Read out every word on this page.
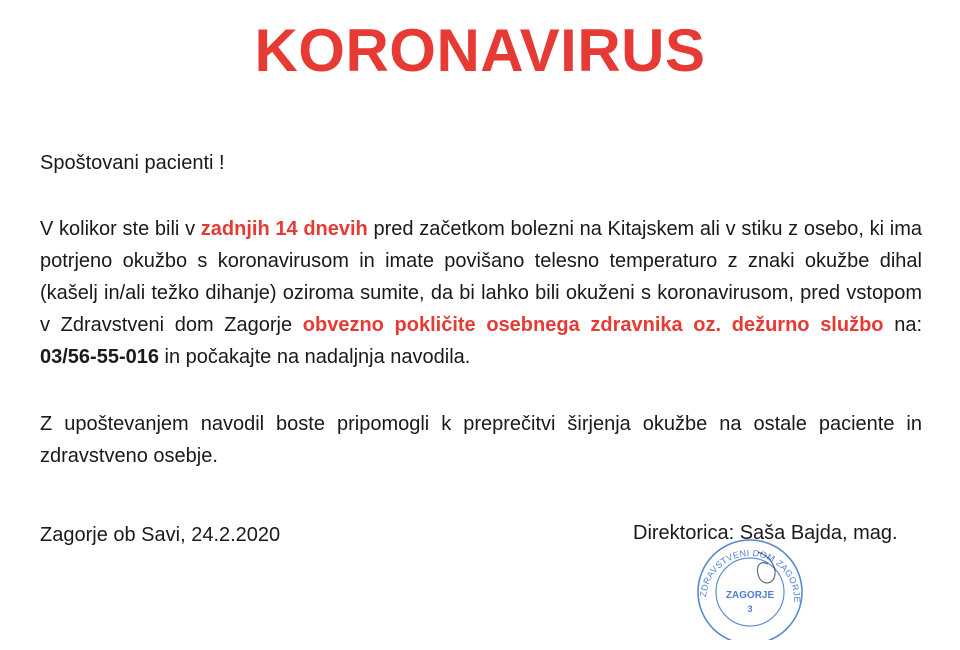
KORONAVIRUS
Spoštovani pacienti !
V kolikor ste bili v zadnjih 14 dnevih pred začetkom bolezni na Kitajskem ali v stiku z osebo, ki ima potrjeno okužbo s koronavirusom in imate povišano telesno temperaturo z znaki okužbe dihal (kašelj in/ali težko dihanje) oziroma sumite, da bi lahko bili okuženi s koronavirusom, pred vstopom v Zdravstveni dom Zagorje obvezno pokličite osebnega zdravnika oz. dežurno službo na: 03/56-55-016 in počakajte na nadaljnja navodila.
Z upoštevanjem navodil boste pripomogli k preprečitvi širjenja okužbe na ostale paciente in zdravstveno osebje.
Zagorje ob Savi, 24.2.2020	Direktorica: Saša Bajda, mag.
ZDRAVSTVENI DOM ZAGORJE
ZAGORJE
3
